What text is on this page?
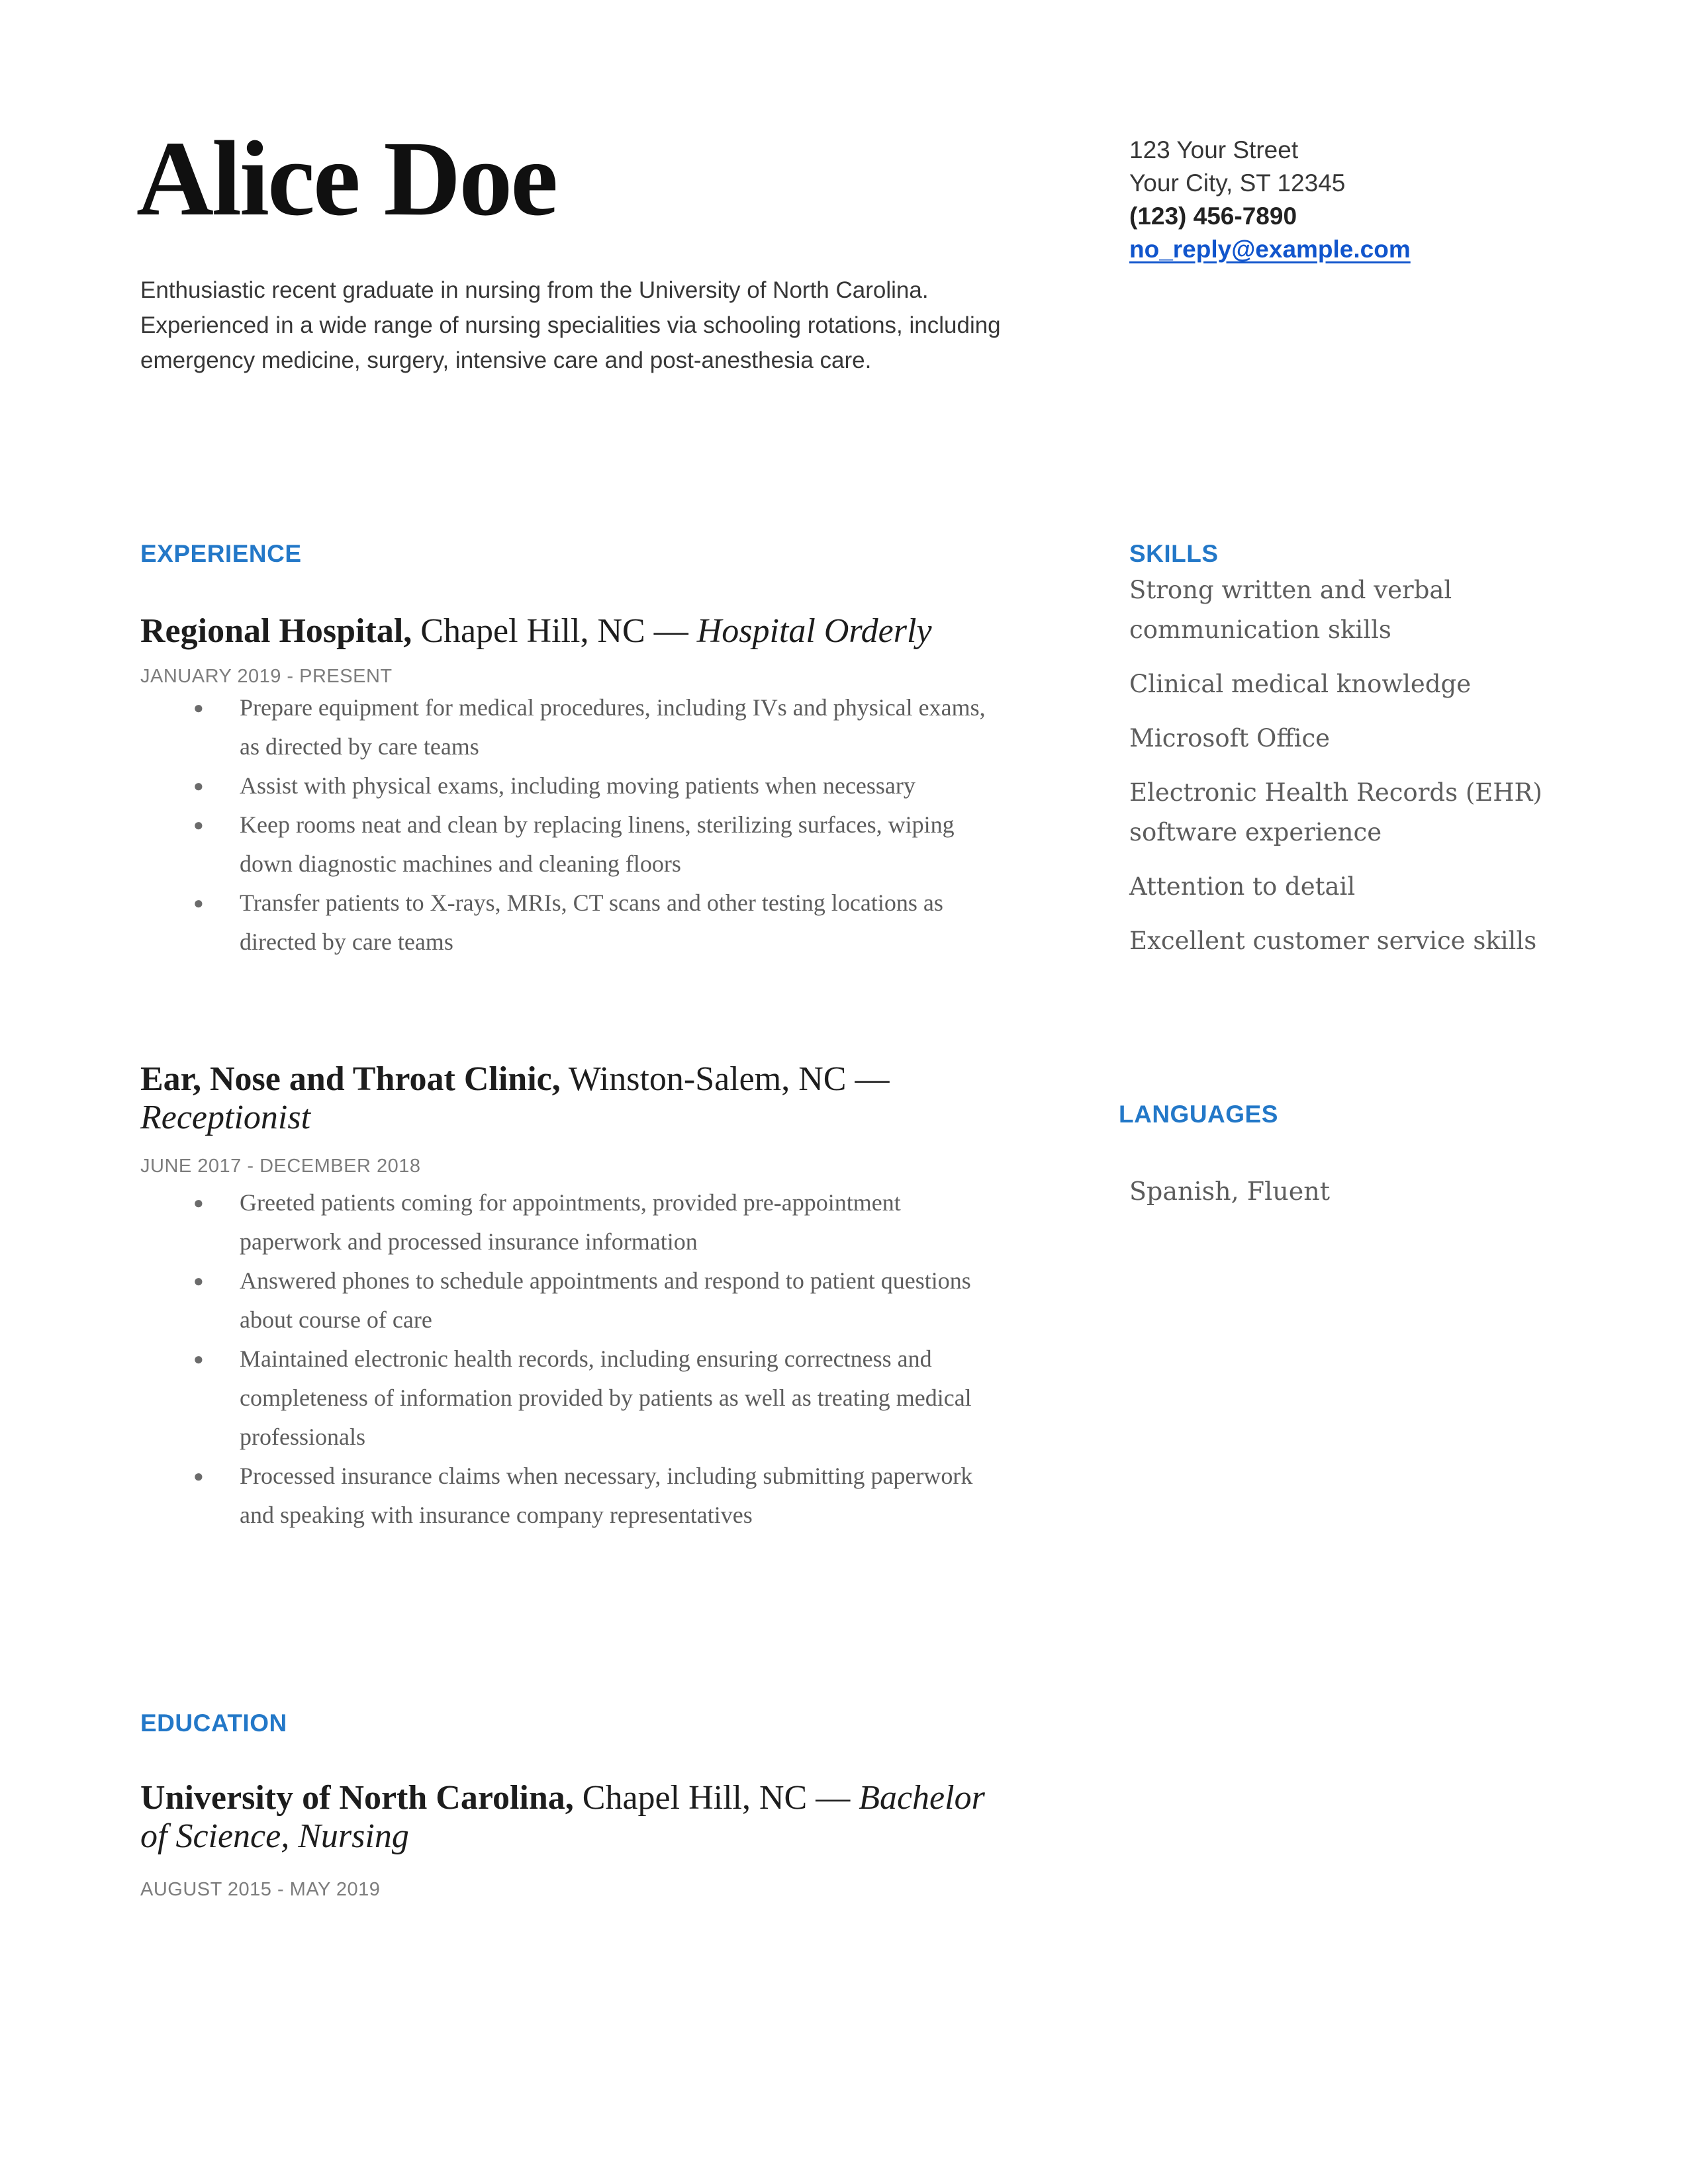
Alice Doe	123 Your Street
Your City, ST 12345
(123) 456-7890
no_reply@example.com
Enthusiastic recent graduate in nursing from the University of North Carolina. Experienced in a wide range of nursing specialities via schooling rotations, including emergency medicine, surgery, intensive care and post-anesthesia care.
EXPERIENCE
Regional Hospital, Chapel Hill, NC — Hospital Orderly
JANUARY 2019 - PRESENT
● Prepare equipment for medical procedures, including IVs and physical exams, as directed by care teams
● Assist with physical exams, including moving patients when necessary
● Keep rooms neat and clean by replacing linens, sterilizing surfaces, wiping down diagnostic machines and cleaning floors
● Transfer patients to X-rays, MRIs, CT scans and other testing locations as directed by care teams
Ear, Nose and Throat Clinic, Winston-Salem, NC — Receptionist
JUNE 2017 - DECEMBER 2018
● Greeted patients coming for appointments, provided pre-appointment paperwork and processed insurance information
● Answered phones to schedule appointments and respond to patient questions about course of care
● Maintained electronic health records, including ensuring correctness and completeness of information provided by patients as well as treating medical professionals
● Processed insurance claims when necessary, including submitting paperwork and speaking with insurance company representatives
EDUCATION
University of North Carolina, Chapel Hill, NC — Bachelor of Science, Nursing
AUGUST 2015 - MAY 2019
SKILLS
Strong written and verbal communication skills
Clinical medical knowledge
Microsoft Office
Electronic Health Records (EHR) software experience
Attention to detail
Excellent customer service skills
LANGUAGES
Spanish, Fluent
